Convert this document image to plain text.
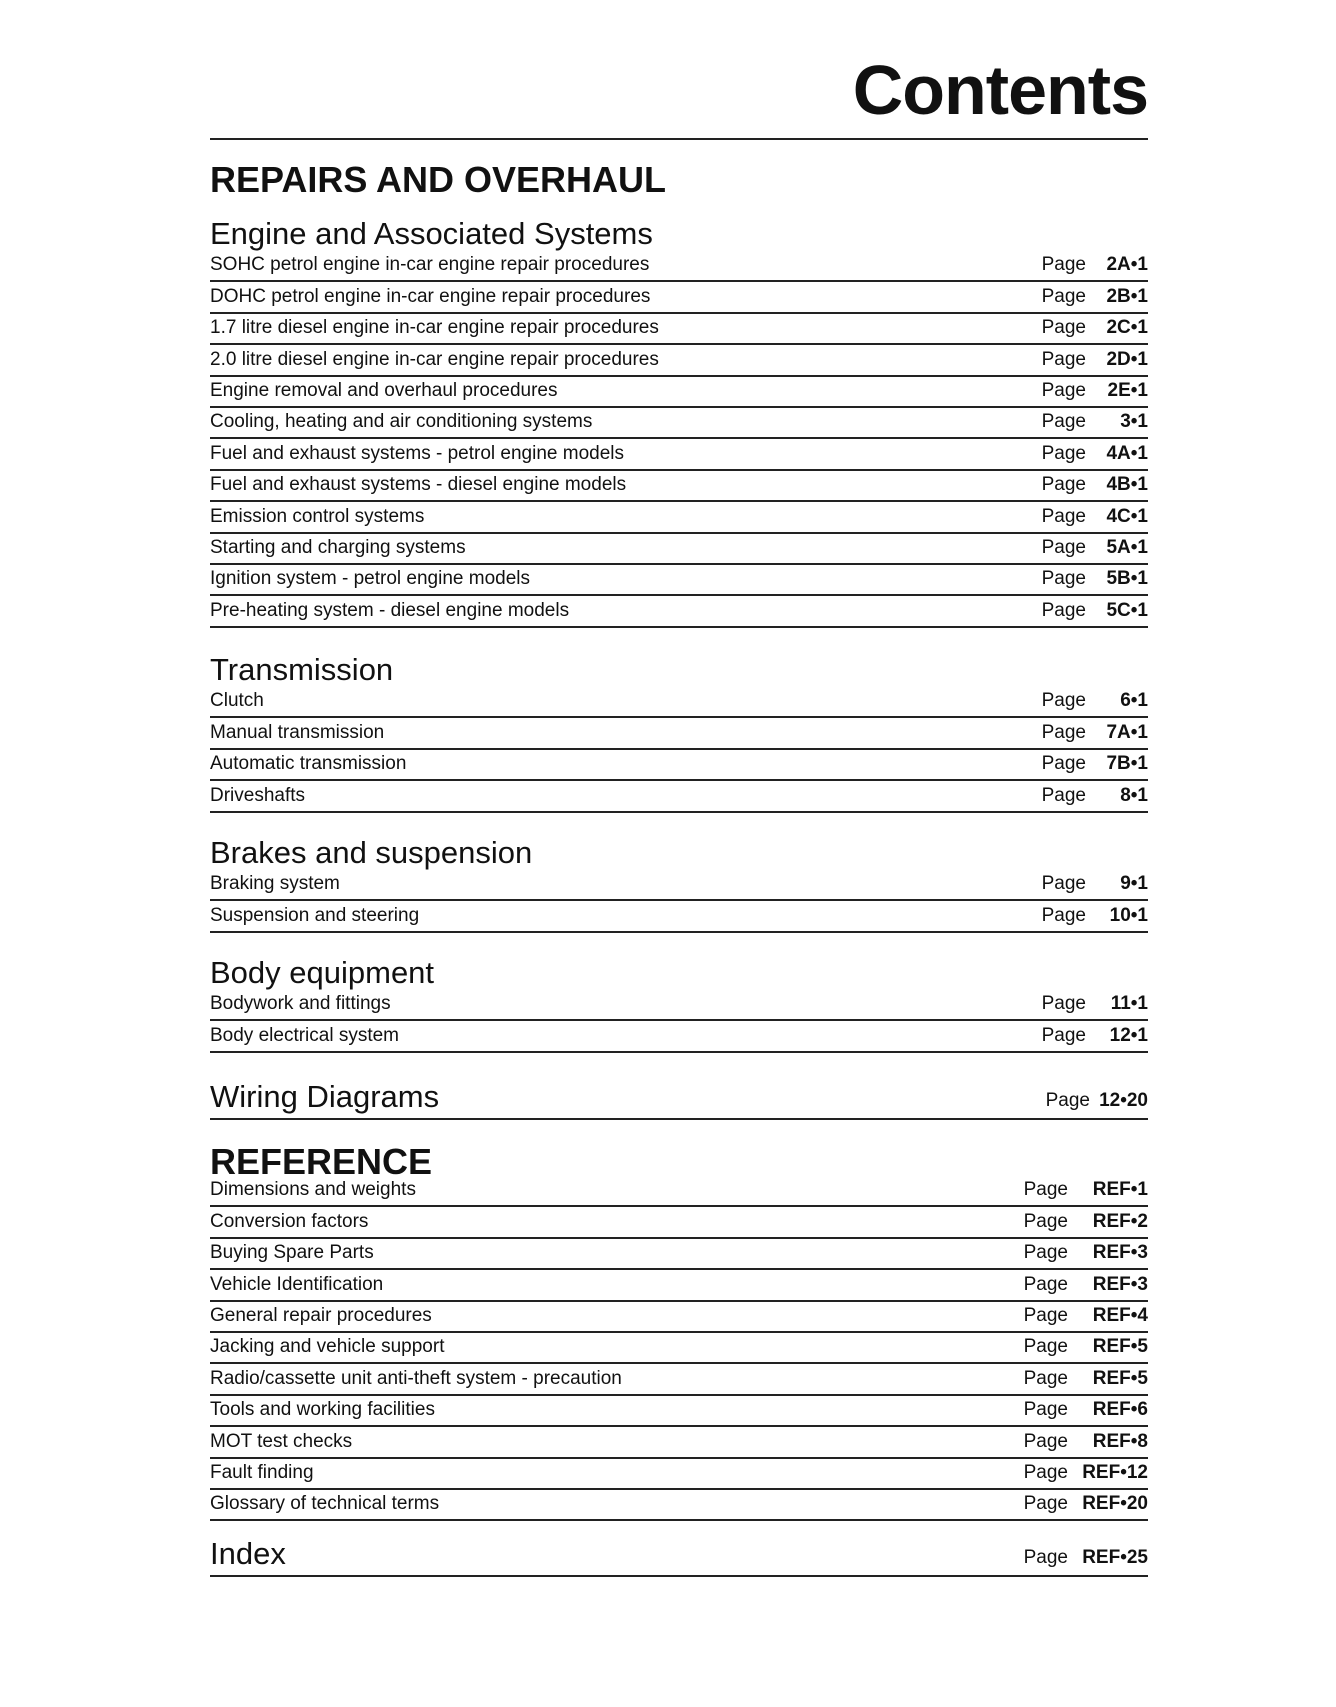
Contents
REPAIRS AND OVERHAUL
Engine and Associated Systems
SOHC petrol engine in-car engine repair procedures	Page 2A•1
DOHC petrol engine in-car engine repair procedures	Page 2B•1
1.7 litre diesel engine in-car engine repair procedures	Page 2C•1
2.0 litre diesel engine in-car engine repair procedures	Page 2D•1
Engine removal and overhaul procedures	Page 2E•1
Cooling, heating and air conditioning systems	Page 3•1
Fuel and exhaust systems - petrol engine models	Page 4A•1
Fuel and exhaust systems - diesel engine models	Page 4B•1
Emission control systems	Page 4C•1
Starting and charging systems	Page 5A•1
Ignition system - petrol engine models	Page 5B•1
Pre-heating system - diesel engine models	Page 5C•1
Transmission
Clutch	Page 6•1
Manual transmission	Page 7A•1
Automatic transmission	Page 7B•1
Driveshafts	Page 8•1
Brakes and suspension
Braking system	Page 9•1
Suspension and steering	Page 10•1
Body equipment
Bodywork and fittings	Page 11•1
Body electrical system	Page 12•1
Wiring Diagrams	Page 12•20
REFERENCE
Dimensions and weights	Page REF•1
Conversion factors	Page REF•2
Buying Spare Parts	Page REF•3
Vehicle Identification	Page REF•3
General repair procedures	Page REF•4
Jacking and vehicle support	Page REF•5
Radio/cassette unit anti-theft system - precaution	Page REF•5
Tools and working facilities	Page REF•6
MOT test checks	Page REF•8
Fault finding	Page REF•12
Glossary of technical terms	Page REF•20
Index	Page REF•25
